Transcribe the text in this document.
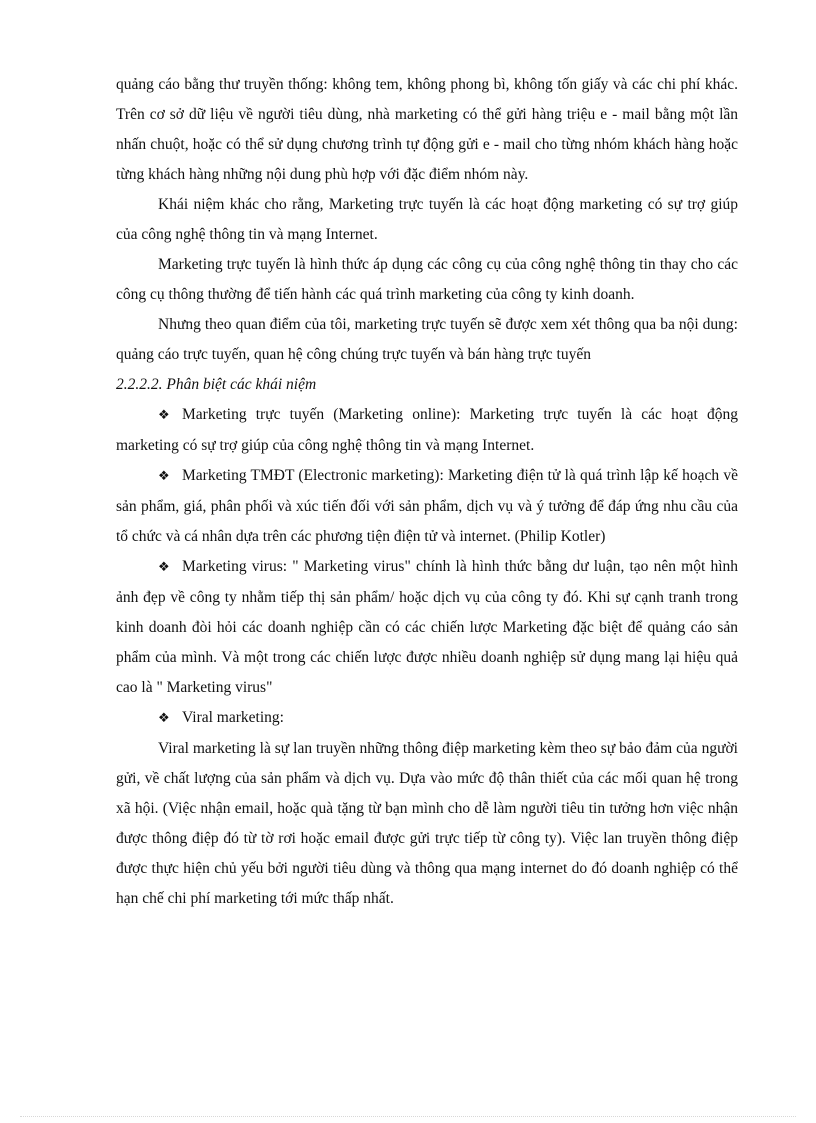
quảng cáo bằng thư truyền thống: không tem, không phong bì, không tốn giấy và các chi phí khác. Trên cơ sở dữ liệu về người tiêu dùng, nhà marketing có thể gửi hàng triệu e - mail bằng một lần nhấn chuột, hoặc có thể sử dụng chương trình tự động gửi e - mail cho từng nhóm khách hàng hoặc từng khách hàng những nội dung phù hợp với đặc điểm nhóm này.

Khái niệm khác cho rằng, Marketing trực tuyến là các hoạt động marketing có sự trợ giúp của công nghệ thông tin và mạng Internet.

Marketing trực tuyến là hình thức áp dụng các công cụ của công nghệ thông tin thay cho các công cụ thông thường để tiến hành các quá trình marketing của công ty kinh doanh.

Nhưng theo quan điểm của tôi, marketing trực tuyến sẽ được xem xét thông qua ba nội dung: quảng cáo trực tuyến, quan hệ công chúng trực tuyến và bán hàng trực tuyến

2.2.2.2. Phân biệt các khái niệm

❖ Marketing trực tuyến (Marketing online): Marketing trực tuyến là các hoạt động marketing có sự trợ giúp của công nghệ thông tin và mạng Internet.

❖ Marketing TMĐT (Electronic marketing): Marketing điện tử là quá trình lập kế hoạch về sản phẩm, giá, phân phối và xúc tiến đối với sản phẩm, dịch vụ và ý tưởng để đáp ứng nhu cầu của tổ chức và cá nhân dựa trên các phương tiện điện tử và internet. (Philip Kotler)

❖ Marketing virus: " Marketing virus" chính là hình thức bằng dư luận, tạo nên một hình ảnh đẹp về công ty nhằm tiếp thị sản phẩm/ hoặc dịch vụ của công ty đó. Khi sự cạnh tranh trong kinh doanh đòi hỏi các doanh nghiệp cần có các chiến lược Marketing đặc biệt để quảng cáo sản phẩm của mình. Và một trong các chiến lược được nhiều doanh nghiệp sử dụng mang lại hiệu quả cao là " Marketing virus"

❖ Viral marketing:

Viral marketing là sự lan truyền những thông điệp marketing kèm theo sự bảo đảm của người gửi, về chất lượng của sản phẩm và dịch vụ. Dựa vào mức độ thân thiết của các mối quan hệ trong xã hội. (Việc nhận email, hoặc quà tặng từ bạn mình cho dễ làm người tiêu tin tưởng hơn việc nhận được thông điệp đó từ tờ rơi hoặc email được gửi trực tiếp từ công ty). Việc lan truyền thông điệp được thực hiện chủ yếu bởi người tiêu dùng và thông qua mạng internet do đó doanh nghiệp có thể hạn chế chi phí marketing tới mức thấp nhất.
